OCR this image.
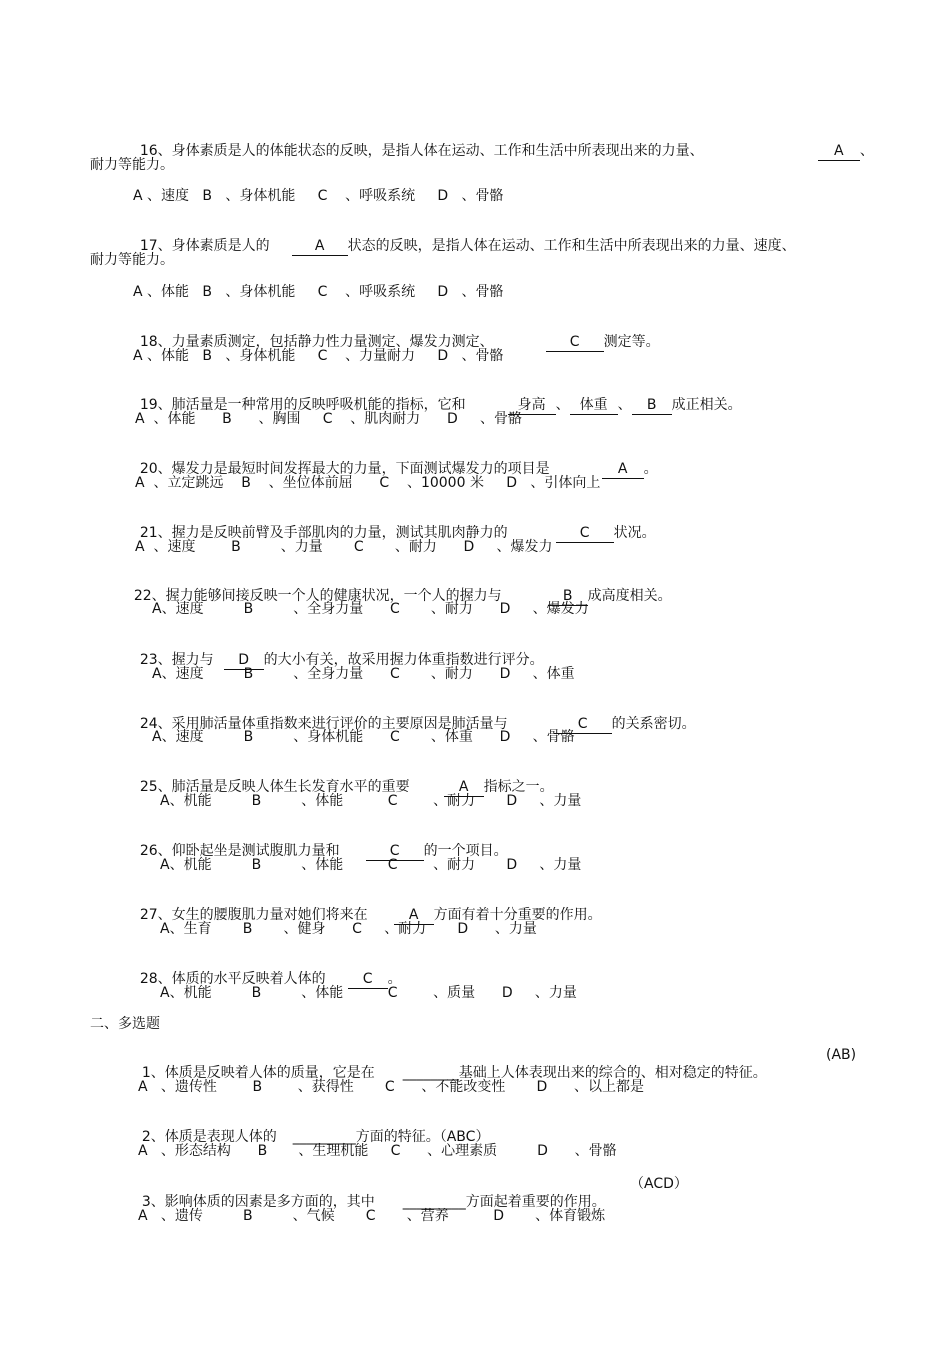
16、身体素质是人的体能状态的反映，是指人体在运动、工作和生活中所表现出来的力量、
	A 、

耐力等能力。
A 、速度   B   、身体机能     C    、呼吸系统     D   、骨骼

17、身体素质是人的	A 状态的反映，是指人体在运动、工作和生活中所表现出来的力量、速度、

耐力等能力。
A 、体能   B   、身体机能     C    、呼吸系统     D   、骨骼

18、力量素质测定，包括静力性力量测定、爆发力测定、	C 测定等。

A 、体能   B   、身体机能     C    、力量耐力     D   、骨骼

19、肺活量是一种常用的反映呼吸机能的指标，它和	身高 、 体重 、 B 成正相关。

A  、体能      B      、胸围     C    、肌肉耐力      D     、骨骼

20、爆发力是最短时间发挥最大的力量，下面测试爆发力的项目是	A 。

A  、立定跳远    B    、坐位体前屈      C    、10000 米     D   、引体向上

21、握力是反映前臂及手部肌肉的力量，测试其肌肉静力的	C 状况。

A  、速度        B         、力量       C       、耐力      D     、爆发力

22、握力能够间接反映一个人的健康状况，一个人的握力与	B 成高度相关。

A、速度         B         、全身力量      C       、耐力      D     、爆发力

23、握力与 D 的大小有关，故采用握力体重指数进行评分。

A、速度         B         、全身力量      C       、耐力      D     、体重

24、采用肺活量体重指数来进行评价的主要原因是肺活量与	C 的关系密切。

A、速度         B         、身体机能      C       、体重      D     、骨骼

25、肺活量是反映人体生长发育水平的重要	A 指标之一。

A、机能         B         、体能          C        、耐力       D     、力量

26、仰卧起坐是测试腹肌力量和	C 的一个项目。

A、机能         B         、体能          C        、耐力       D     、力量

27、女生的腰腹肌力量对她们将来在	A 方面有着十分重要的作用。

A、生育       B       、健身      C     、耐力       D      、力量

28、体质的水平反映着人体的	C 。

A、机能         B         、体能          C        、质量      D     、力量
二、多选题

1、体质是反映着人体的质量，它是在 ________基础上人体表现出来的综合的、相对稳定的特征。

(AB)
A   、遗传性        B        、获得性       C      、不能改变性       D      、以上都是

2、体质是表现人体的 _________方面的特征。（ABC）

A   、形态结构      B       、生理机能     C      、心理素质         D      、骨骼

3、影响体质的因素是多方面的，其中 _________方面起着重要的作用。

（ACD）
A   、遗传         B         、气候       C       、营养          D       、体育锻炼
